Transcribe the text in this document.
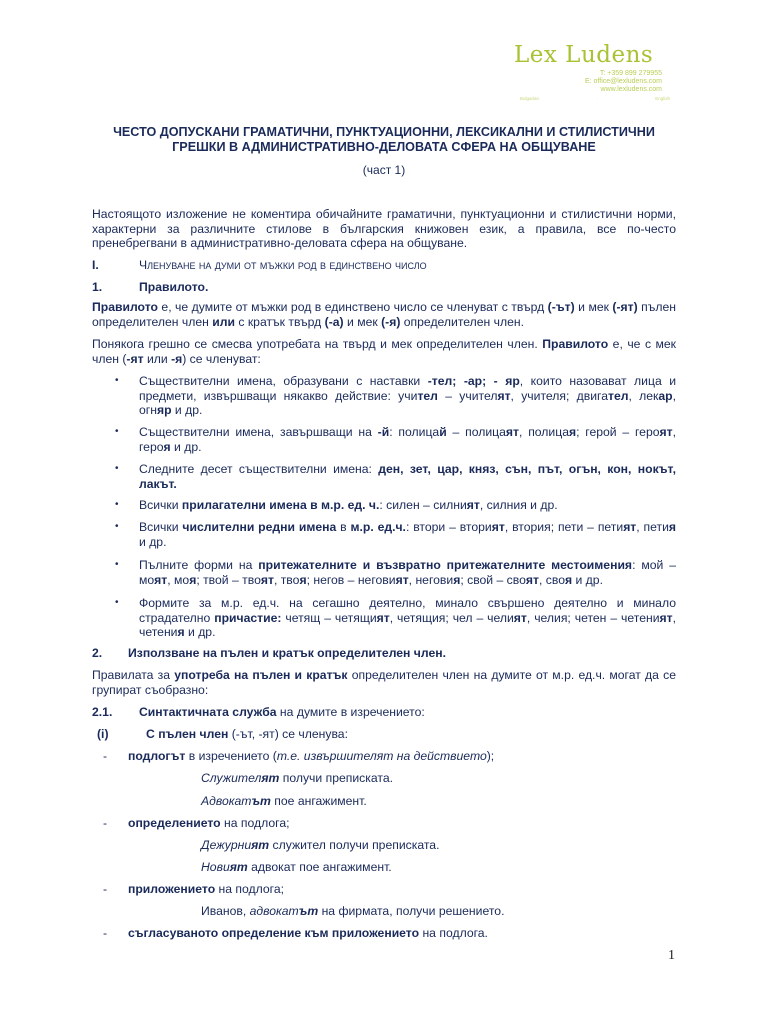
Lex Ludens
T: +359 899 279955
E: office@lexludens.com
www.lexludens.com
Bulgarian	·	English
ЧЕСТО ДОПУСКАНИ ГРАМАТИЧНИ, ПУНКТУАЦИОННИ, ЛЕКСИКАЛНИ И СТИЛИСТИЧНИ
ГРЕШКИ В АДМИНИСТРАТИВНО-ДЕЛОВАТА СФЕРА НА ОБЩУВАНЕ
(част 1)
Настоящото изложение не коментира обичайните граматични, пунктуационни и стилистични норми, характерни за различните стилове в българския книжовен език, а правила, все по-често пренебрегвани в административно-деловата сфера на общуване.
I.	Членуване на думи от мъжки род в единствено число
1.	Правилото.
Правилото е, че думите от мъжки род в единствено число се членуват с твърд (-ът) и мек (-ят) пълен определителен член или с кратък твърд (-а) и мек (-я) определителен член.
Понякога грешно се смесва употребата на твърд и мек определителен член. Правилото е, че с мек член (-ят или -я) се членуват:
• Съществителни имена, образувани с наставки -тел; -ар; - яр, които назовават лица и предмети, извършващи някакво действие: учител – учителят, учителя; двигател, лекар, огняр и др.
• Съществителни имена, завършващи на -й: полицай – полицаят, полицая; герой – героят, героя и др.
• Следните десет съществителни имена: ден, зет, цар, княз, сън, път, огън, кон, нокът, лакът.
• Всички прилагателни имена в м.р. ед. ч.: силен – силният, силния и др.
• Всички числителни редни имена в м.р. ед.ч.: втори – вторият, втория; пети – петият, петия и др.
• Пълните форми на притежателните и възвратно притежателните местоимения: мой – моят, моя; твой – твоят, твоя; негов – неговият, неговия; свой – своят, своя и др.
• Формите за м.р. ед.ч. на сегашно деятелно, минало свършено деятелно и минало страдателно причастие: четящ – четящият, четящия; чел – челият, челия; четен – четеният, четения и др.
2. Използване на пълен и кратък определителен член.
Правилата за употреба на пълен и кратък определителен член на думите от м.р. ед.ч. могат да се групират съобразно:
2.1. Синтактичната служба на думите в изречението:
(i)	С пълен член (-ът, -ят) се членува:
- подлогът в изречението (т.е. извършителят на действието);
Служителят получи преписката.
Адвокатът пое ангажимент.
- определението на подлога;
Дежурният служител получи преписката.
Новият адвокат пое ангажимент.
- приложението на подлога;
Иванов, адвокатът на фирмата, получи решението.
- съгласуваното определение към приложението на подлога.
1
